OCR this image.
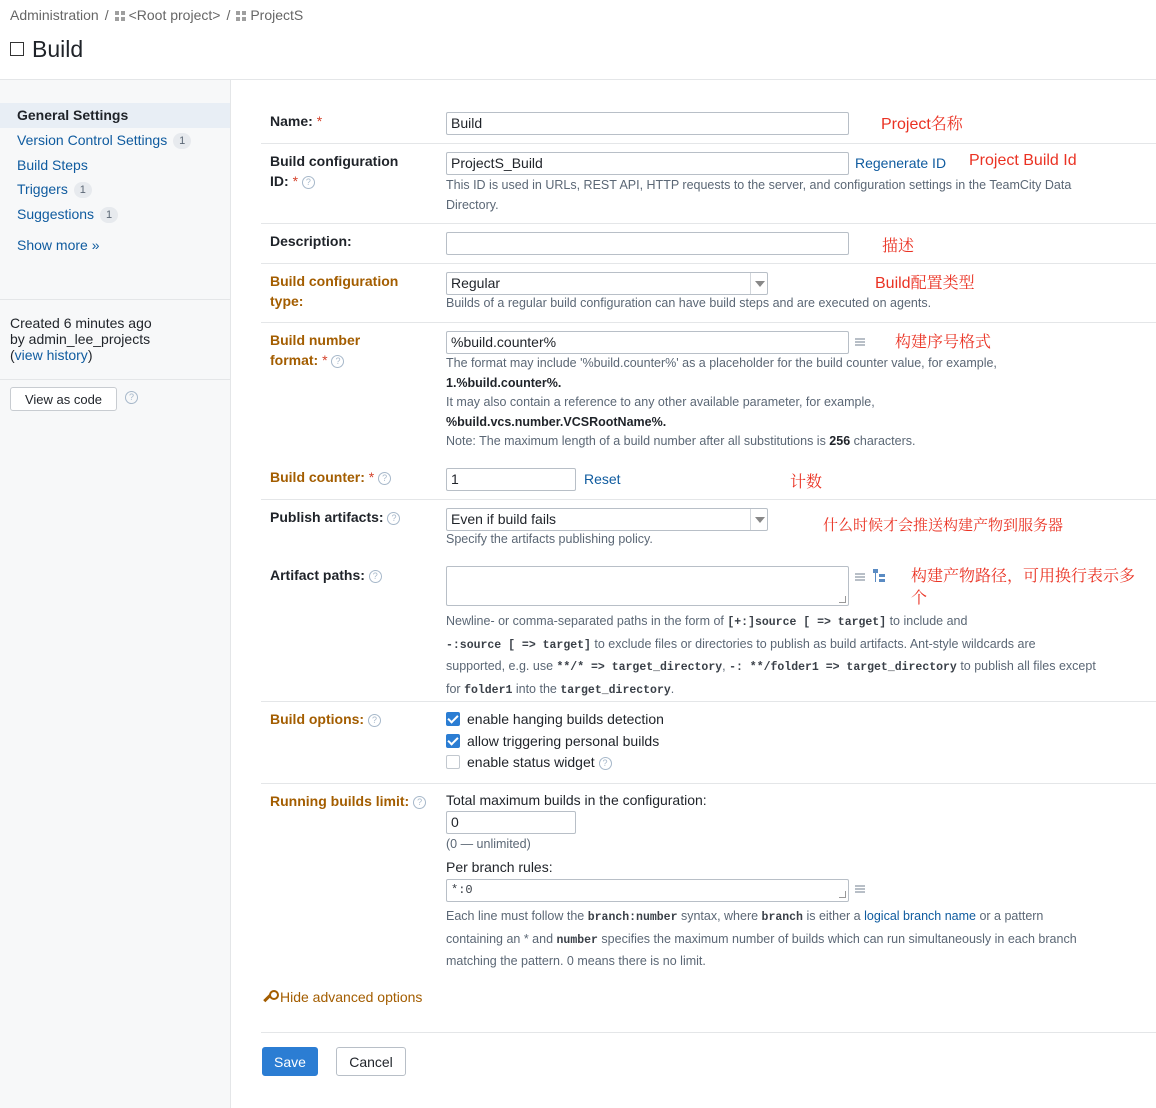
Administration / <Root project> / ProjectS
Build
General Settings
Version Control Settings 1
Build Steps
Triggers 1
Suggestions 1
Show more »
Created 6 minutes ago
by admin_lee_projects
(view history)
View as code	?
Name: *	Build	Project名称
Build configuration
ID: * ?
ProjectS_Build	Regenerate ID Project Build Id
This ID is used in URLs, REST API, HTTP requests to the server, and configuration settings in the TeamCity Data
Directory.
Description:	描述
Build configuration
type:
Regular	Build配置类型
Builds of a regular build configuration can have build steps and are executed on agents.
Build number
format: * ?
%build.counter%	构建序号格式
The format may include '%build.counter%' as a placeholder for the build counter value, for example,
1.%build.counter%.
It may also contain a reference to any other available parameter, for example,
%build.vcs.number.VCSRootName%.
Note: The maximum length of a build number after all substitutions is 256 characters.
Build counter: * ?	1	Reset	计数
Publish artifacts: ?	Even if build fails	什么时候才会推送构建产物到服务器
Specify the artifacts publishing policy.
Artifact paths: ?	构建产物路径，可用换行表示多
个
Newline- or comma-separated paths in the form of [+:]source [ => target] to include and
-:source [ => target] to exclude files or directories to publish as build artifacts. Ant-style wildcards are
supported, e.g. use **/* => target_directory, -: **/folder1 => target_directory to publish all files except
for folder1 into the target_directory.
Build options: ?	enable hanging builds detection
allow triggering personal builds
enable status widget ?
Running builds limit: ? Total maximum builds in the configuration:
0
(0 — unlimited)
Per branch rules:
*:0
Each line must follow the branch:number syntax, where branch is either a logical branch name or a pattern
containing an * and number specifies the maximum number of builds which can run simultaneously in each branch
matching the pattern. 0 means there is no limit.
Hide advanced options
Save	Cancel
